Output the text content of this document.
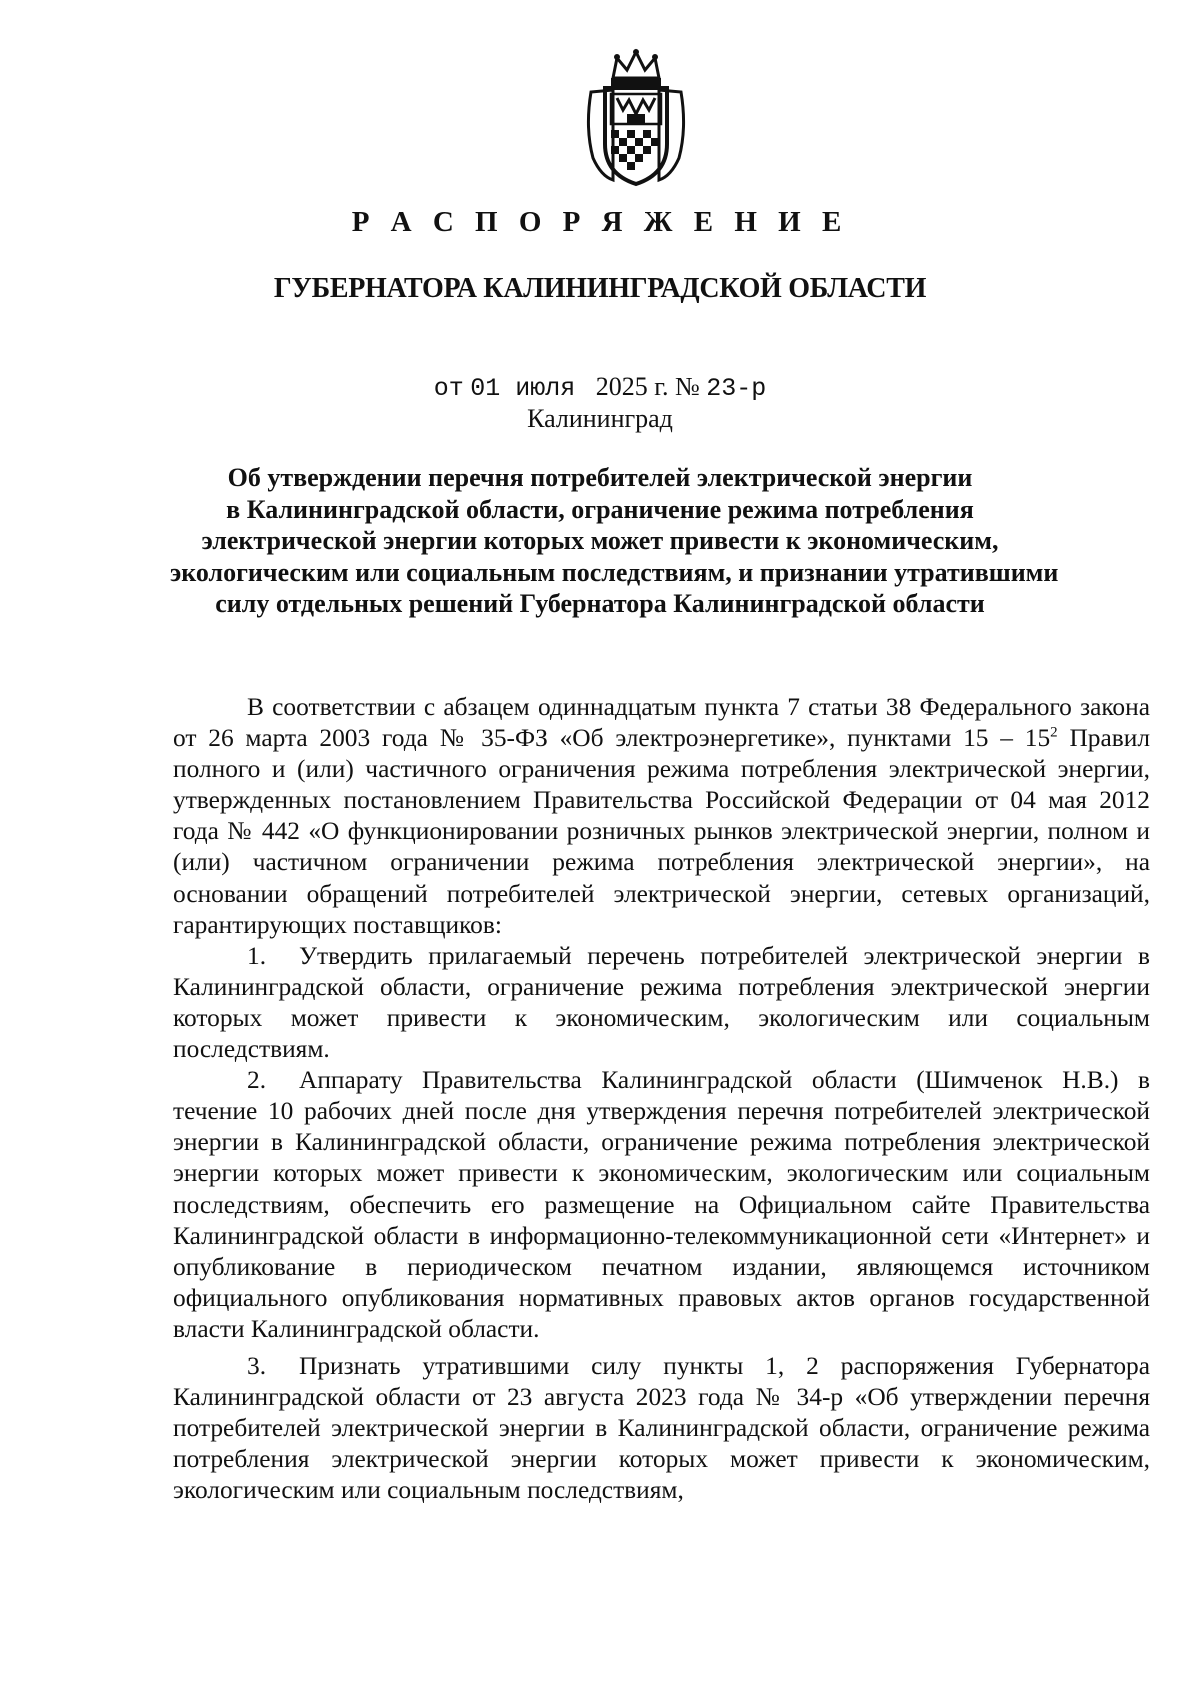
Р А С П О Р Я Ж Е Н И Е
ГУБЕРНАТОРА КАЛИНИНГРАДСКОЙ ОБЛАСТИ
от 01 июля 2025 г. № 23-р
Калининград
Об утверждении перечня потребителей электрической энергии
в Калининградской области, ограничение режима потребления
электрической энергии которых может привести к экономическим,
экологическим или социальным последствиям, и признании утратившими
силу отдельных решений Губернатора Калининградской области

В соответствии с абзацем одиннадцатым пункта 7 статьи 38 Федерального закона от 26 марта 2003 года № 35-ФЗ «Об электроэнергетике», пунктами $15 - 15^2$ Правил полного и (или) частичного ограничения режима потребления электрической энергии, утвержденных постановлением Правительства Российской Федерации от 04 мая 2012 года № 442 «О функционировании розничных рынков электрической энергии, полном и (или) частичном ограничении режима потребления электрической энергии», на основании обращений потребителей электрической энергии, сетевых организаций, гарантирующих поставщиков:

1. Утвердить прилагаемый перечень потребителей электрической энергии в Калининградской области, ограничение режима потребления электрической энергии которых может привести к экономическим, экологическим или социальным последствиям.

2. Аппарату Правительства Калининградской области (Шимченок Н.В.) в течение 10 рабочих дней после дня утверждения перечня потребителей электрической энергии в Калининградской области, ограничение режима потребления электрической энергии которых может привести к экономическим, экологическим или социальным последствиям, обеспечить его размещение на Официальном сайте Правительства Калининградской области в информационно-телекоммуникационной сети «Интернет» и опубликование в периодическом печатном издании, являющемся источником официального опубликования нормативных правовых актов органов государственной власти Калининградской области.

3. Признать утратившими силу пункты 1, 2 распоряжения Губернатора Калининградской области от 23 августа 2023 года № 34-р «Об утверждении перечня потребителей электрической энергии в Калининградской области, ограничение режима потребления электрической энергии которых может привести к экономическим, экологическим или социальным последствиям,
